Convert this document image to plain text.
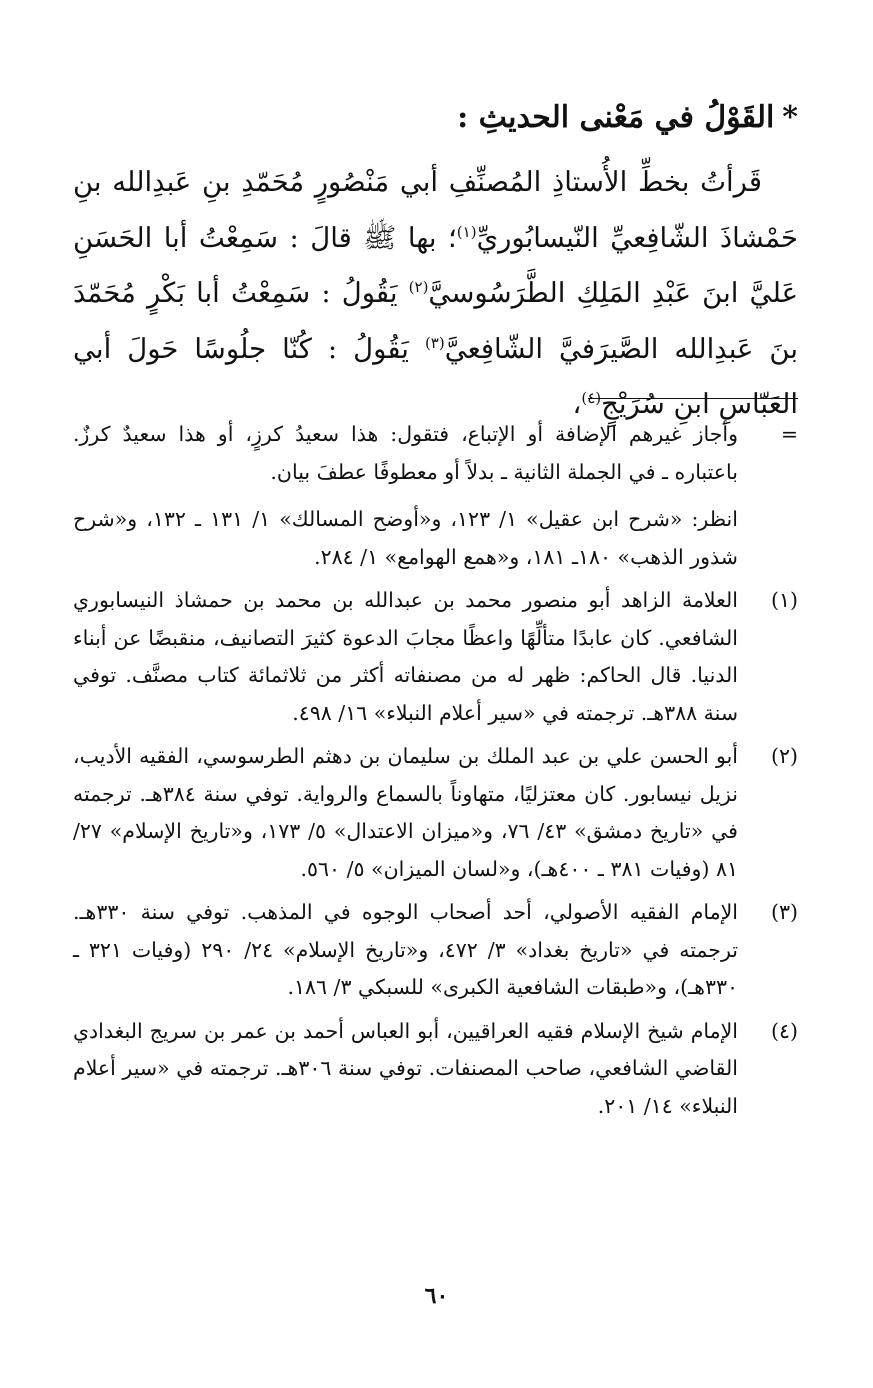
*القَوْلُ في مَعْنى الحديثِ :
قَرأتُ بخطِّ الأُستاذِ المُصنِّفِ أبي مَنْصُورٍ مُحَمّدِ بنِ عَبدِالله بنِ حَمْشاذَ الشّافِعيِّ النّيسابُوريِّ$^{(١)}$؛ بها ﷺ قالَ : سَمِعْتُ أبا الحَسَنِ عَليَّ ابنَ عَبْدِ المَلِكِ الطَّرَسُوسيَّ$^{(٢)}$ يَقُولُ : سَمِعْتُ أبا بَكْرٍ مُحَمّدَ بنَ عَبدِالله الصَّيرَفيَّ الشّافِعيَّ$^{(٣)}$ يَقُولُ : كُنّا جلُوسًا حَولَ أبي العَبّاسِ ابنِ سُرَيْجٍ$^{(٤)}$،
=
وأجاز غيرهم الإضافة أو الإتباع، فتقول: هذا سعيدُ كرزٍ، أو هذا سعيدٌ كرزٌ. باعتباره ـ في الجملة الثانية ـ بدلاً أو معطوفًا عطفَ بيان.
انظر: «شرح ابن عقيل» ١/ ١٢٣، و«أوضح المسالك» ١/ ١٣١ ـ ١٣٢، و«شرح شذور الذهب» ١٨٠ـ ١٨١، و«همع الهوامع» ١/ ٢٨٤.
(١)
العلامة الزاهد أبو منصور محمد بن عبدالله بن محمد بن حمشاذ النيسابوري الشافعي. كان عابدًا متألِّهًا واعظًا مجابَ الدعوة كثيرَ التصانيف، منقبضًا عن أبناء الدنيا. قال الحاكم: ظهر له من مصنفاته أكثر من ثلاثمائة كتاب مصنَّف. توفي سنة ٣٨٨هـ. ترجمته في «سير أعلام النبلاء» ١٦/ ٤٩٨.
(٢)
أبو الحسن علي بن عبد الملك بن سليمان بن دهثم الطرسوسي، الفقيه الأديب، نزيل نيسابور. كان معتزليًا، متهاوناً بالسماع والرواية. توفي سنة ٣٨٤هـ. ترجمته في «تاريخ دمشق» ٤٣/ ٧٦، و«ميزان الاعتدال» ٥/ ١٧٣، و«تاريخ الإسلام» ٢٧/ ٨١ (وفيات ٣٨١ ـ ٤٠٠هـ)، و«لسان الميزان» ٥/ ٥٦٠.
(٣)
الإمام الفقيه الأصولي، أحد أصحاب الوجوه في المذهب. توفي سنة ٣٣٠هـ. ترجمته في «تاريخ بغداد» ٣/ ٤٧٢، و«تاريخ الإسلام» ٢٤/ ٢٩٠ (وفيات ٣٢١ ـ ٣٣٠هـ)، و«طبقات الشافعية الكبرى» للسبكي ٣/ ١٨٦.
(٤)
الإمام شيخ الإسلام فقيه العراقيين، أبو العباس أحمد بن عمر بن سريج البغدادي القاضي الشافعي، صاحب المصنفات. توفي سنة ٣٠٦هـ. ترجمته في «سير أعلام النبلاء» ١٤/ ٢٠١.
٦٠
